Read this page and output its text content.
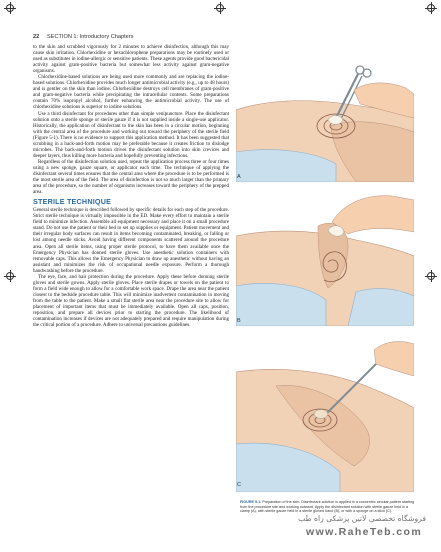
22 SECTION 1: Introductory Chapters

to the skin and scrubbed vigorously for 2 minutes to achieve disinfection, although this may cause skin irritation. Chlorhexidine or hexachlorophene preparations may be routinely used or used as substitutes in iodine-allergic or sensitive patients. These agents provide good bactericidal activity against gram-positive bacteria but somewhat less activity against gram-negative organisms.

Chlorhexidine-based solutions are being used more commonly and are replacing the iodine-based solutions. Chlorhexidine provides much longer antimicrobial activity (e.g., up to 48 hours) and is gentler on the skin than iodine. Chlorhexidine destroys cell membranes of gram-positive and gram-negative bacteria while precipitating the intracellular contents. Some preparations contain 70% isopropyl alcohol, further enhancing the antimicrobial activity. The use of chlorhexidine solutions is superior to iodine solutions.

Use a third disinfectant for procedures other than simple venipuncture. Place the disinfectant solution onto a sterile sponge or sterile gauze if it is not supplied inside a single-use applicator. Historically, the application of disinfectant to the skin has been in a circular motion, beginning with the central area of the procedure and working out toward the periphery of the sterile field (Figure 5-1). There is no evidence to support this application method. It has been suggested that scrubbing in a back-and-forth motion may be preferable because it creates friction to dislodge microbes. The back-and-forth motion drives the disinfectant solution into skin crevices and deeper layers, thus killing more bacteria and hopefully preventing infections.

Regardless of the disinfection solution used, repeat the application process three or four times using a new sponge, gauze square, or applicator each time. The technique of applying the disinfectant several times ensures that the central area where the procedure is to be performed is the most sterile area of the field. The area of disinfection is not so much larger than the primary area of the procedure, so the number of organisms increases toward the periphery of the prepped area.

STERILE TECHNIQUE

General sterile technique is described followed by specific details for each step of the procedure. Strict sterile technique is virtually impossible in the ED. Make every effort to maintain a sterile field to minimize infection. Assemble all equipment necessary and place it on a small procedure stand. Do not use the patient or their bed to set up supplies or equipment. Patient movement and their irregular body surfaces can result in items becoming contaminated, breaking, or falling or lost among needle sticks. Avoid having different components scattered around the procedure area. Open all sterile items, using proper sterile protocol, to have them available once the Emergency Physician has donned sterile gloves. Use anesthetic solution containers with removable caps. This allows the Emergency Physician to draw up anesthetic without having an assistant and minimizes the risk of occupational needle exposure. Perform a thorough handwashing before the procedure.

The eye, face, and hair protection during the procedure. Apply these before donning sterile gloves and sterile gowns. Apply sterile gloves. Place sterile drapes or towels on the patient to form a field wide enough to allow for a comfortable work space. Drape the area near the patient closest to the bedside procedure table. This will minimize inadvertent contamination in moving from the table to the patient. Make a small flat sterile area near the procedure site to allow for placement of important items that must be immediately available. Open all caps, position, reposition, and prepare all devices prior to starting the procedure. The likelihood of contamination increases if devices are not adequately prepared and require manipulation during the critical portion of a procedure. Adhere to universal precautions guidelines.

A
B
C
FIGURE 5-1. Preparation of the skin. Disinfectant solution is applied in a concentric circular pattern starting from the procedure site and working outward. Apply the disinfectant solution with sterile gauze held in a clamp (A), with sterile gauze held in a sterile gloved hand (B), or with a sponge on a stick (C).
فروشگاه تخصصی لاتین پزشکی راه طب
www.RaheTeb.com
